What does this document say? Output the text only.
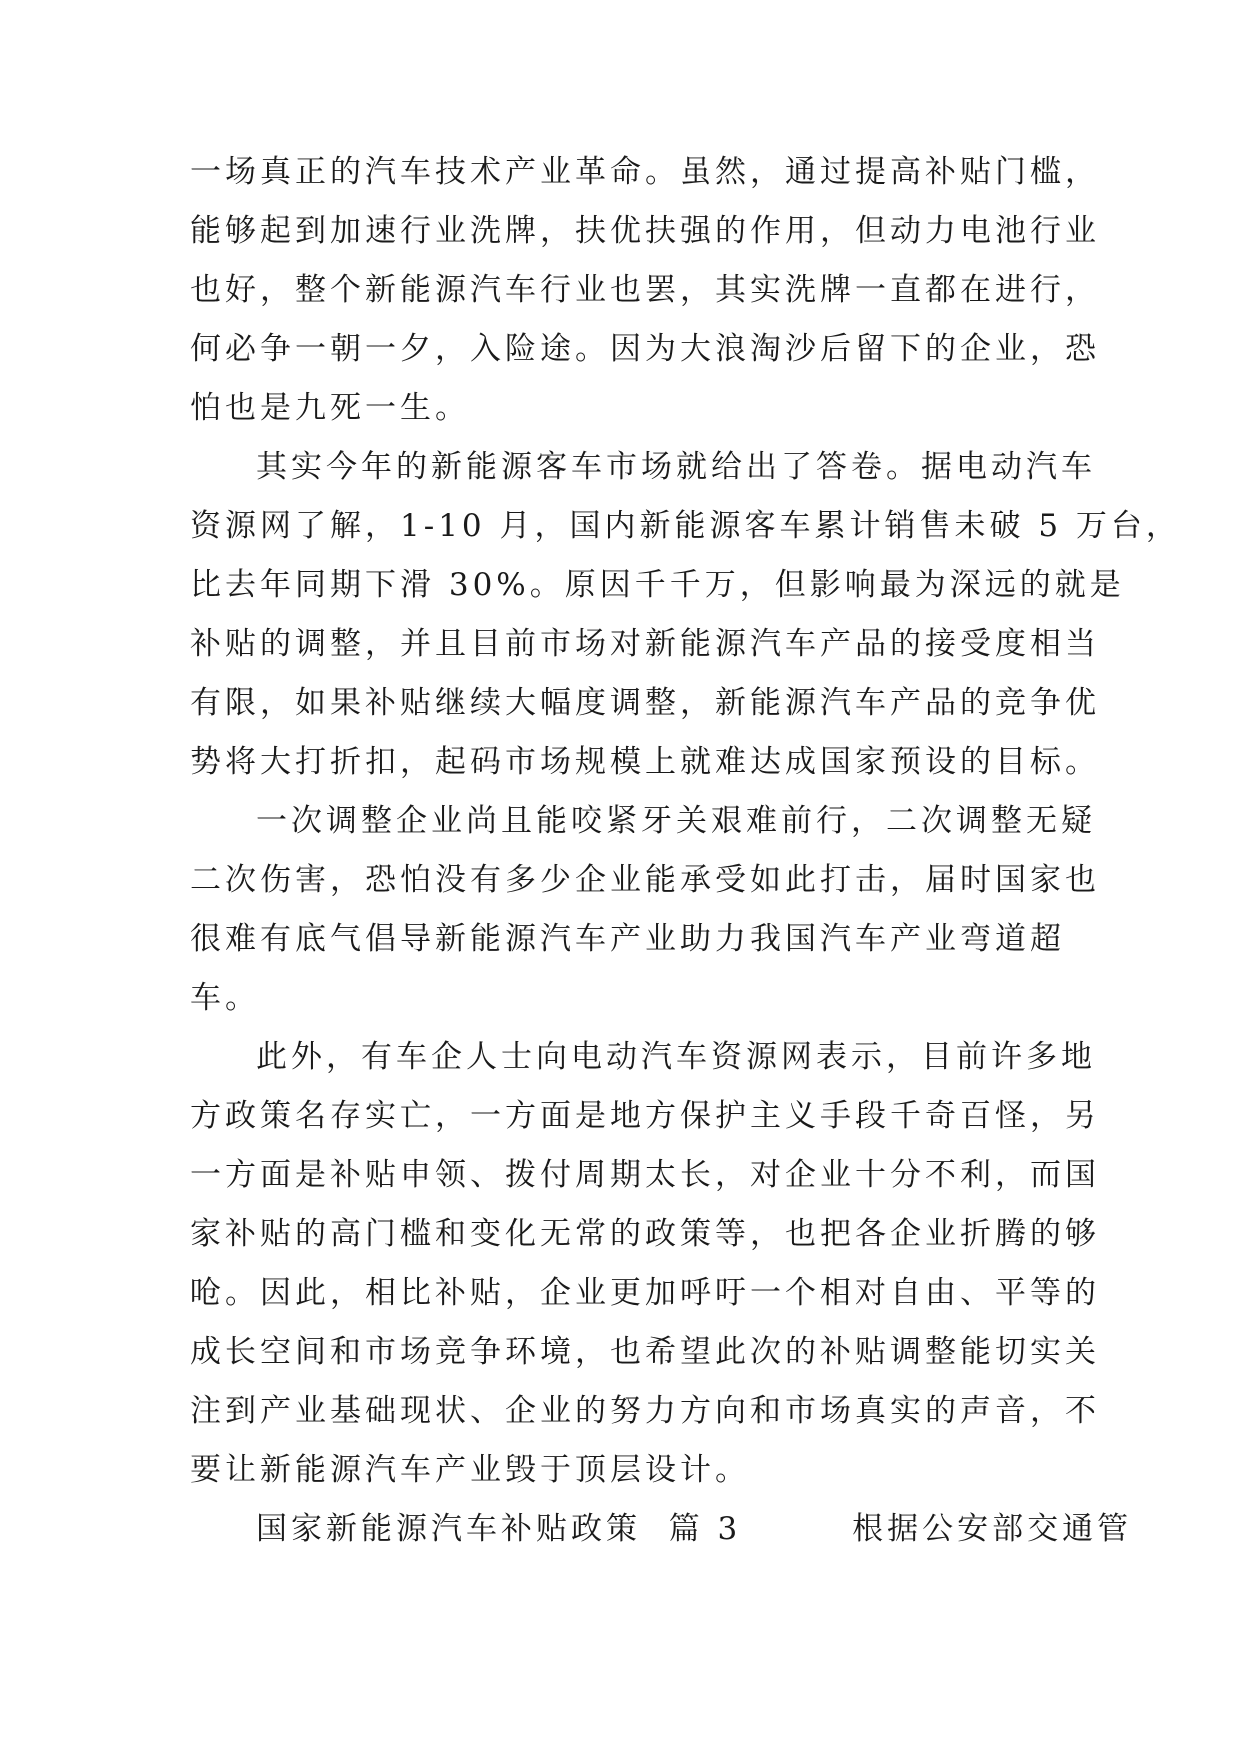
一场真正的汽车技术产业革命。虽然，通过提高补贴门槛，
能够起到加速行业洗牌，扶优扶强的作用，但动力电池行业
也好，整个新能源汽车行业也罢，其实洗牌一直都在进行，
何必争一朝一夕，入险途。因为大浪淘沙后留下的企业，恐
怕也是九死一生。
其实今年的新能源客车市场就给出了答卷。据电动汽车
资源网了解，1-10 月，国内新能源客车累计销售未破 5 万台，
比去年同期下滑 30%。原因千千万，但影响最为深远的就是
补贴的调整，并且目前市场对新能源汽车产品的接受度相当
有限，如果补贴继续大幅度调整，新能源汽车产品的竞争优
势将大打折扣，起码市场规模上就难达成国家预设的目标。
一次调整企业尚且能咬紧牙关艰难前行，二次调整无疑
二次伤害，恐怕没有多少企业能承受如此打击，届时国家也
很难有底气倡导新能源汽车产业助力我国汽车产业弯道超
车。
此外，有车企人士向电动汽车资源网表示，目前许多地
方政策名存实亡，一方面是地方保护主义手段千奇百怪，另
一方面是补贴申领、拨付周期太长，对企业十分不利，而国
家补贴的高门槛和变化无常的政策等，也把各企业折腾的够
呛。因此，相比补贴，企业更加呼吁一个相对自由、平等的
成长空间和市场竞争环境，也希望此次的补贴调整能切实关
注到产业基础现状、企业的努力方向和市场真实的声音，不
要让新能源汽车产业毁于顶层设计。
国家新能源汽车补贴政策  篇 3        根据公安部交通管
